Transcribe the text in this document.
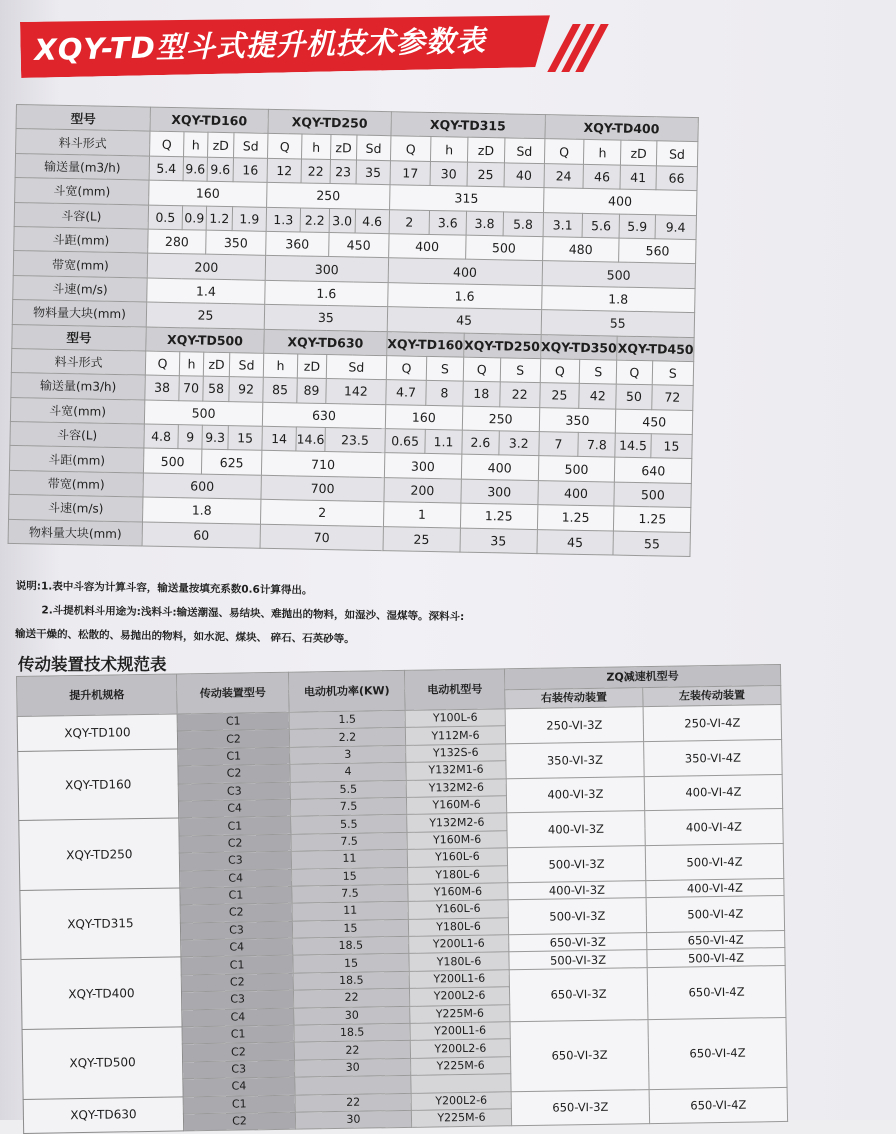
XQY-TD型斗式提升机技术参数表
型号	XQY-TD160				XQY-TD250				XQY-TD315				XQY-TD400			
料斗形式	Q	h	zD	Sd	Q	h	zD	Sd	Q	h	zD	Sd	Q	h	zD	Sd
输送量(m3/h)	5.4	9.6	9.6	16	12	22	23	35	17	30	25	40	24	46	41	66
斗宽(mm)	160				250				315				400			
斗容(L)	0.5	0.9	1.2	1.9	1.3	2.2	3.0	4.6	2	3.6	3.8	5.8	3.1	5.6	5.9	9.4
斗距(mm)	280		350		360		450		400		500		480		560	
带宽(mm)	200				300				400				500			
斗速(m/s)	1.4				1.6				1.6				1.8			
物料量大块(mm)	25				35				45				55			
型号	XQY-TD500				XQY-TD630				XQY-TD160		XQY-TD250		XQY-TD350		XQY-TD450	
料斗形式	Q	h	zD	Sd	h	zD	Sd		Q	S	Q	S	Q	S	Q	S
输送量(m3/h)	38	70	58	92	85	89	142		4.7	8	18	22	25	42	50	72
斗宽(mm)	500				630				160		250		350		450	
斗容(L)	4.8	9	9.3	15	14	14.6	23.5		0.65	1.1	2.6	3.2	7	7.8	14.5	15
斗距(mm)	500		625		710				300		400		500		640	
带宽(mm)	600				700				200		300		400		500	
斗速(m/s)	1.8				2				1		1.25		1.25		1.25	
物料量大块(mm)	60				70				25		35		45		55	
说明:1.表中斗容为计算斗容，输送量按填充系数0.6计算得出。
2.斗提机料斗用途为:浅料斗:输送潮湿、易结块、难抛出的物料，如湿沙、湿煤等。深料斗:
输送干燥的、松散的、易抛出的物料，如水泥、煤块、 碎石、石英砂等。
传动装置技术规范表
提升机规格	传动装置型号	电动机功率(KW)	电动机型号	ZQ减速机型号	
				右装传动装置	左装传动装置
XQY-TD100	C1	1.5	Y100L-6	250-VI-3Z	250-VI-4Z
	C2	2.2	Y112M-6		
XQY-TD160	C1	3	Y132S-6	350-VI-3Z	350-VI-4Z
	C2	4	Y132M1-6		
	C3	5.5	Y132M2-6	400-VI-3Z	400-VI-4Z
	C4	7.5	Y160M-6		
XQY-TD250	C1	5.5	Y132M2-6	400-VI-3Z	400-VI-4Z
	C2	7.5	Y160M-6		
	C3	11	Y160L-6	500-VI-3Z	500-VI-4Z
	C4	15	Y180L-6		
XQY-TD315	C1	7.5	Y160M-6	400-VI-3Z	400-VI-4Z
	C2	11	Y160L-6	500-VI-3Z	500-VI-4Z
	C3	15	Y180L-6		
	C4	18.5	Y200L1-6	650-VI-3Z	650-VI-4Z
XQY-TD400	C1	15	Y180L-6	500-VI-3Z	500-VI-4Z
	C2	18.5	Y200L1-6	650-VI-3Z	650-VI-4Z
	C3	22	Y200L2-6		
	C4	30	Y225M-6		
XQY-TD500	C1	18.5	Y200L1-6	650-VI-3Z	650-VI-4Z
	C2	22	Y200L2-6		
	C3	30	Y225M-6		
	C4				
XQY-TD630	C1	22	Y200L2-6	650-VI-3Z	650-VI-4Z
	C2	30	Y225M-6		
